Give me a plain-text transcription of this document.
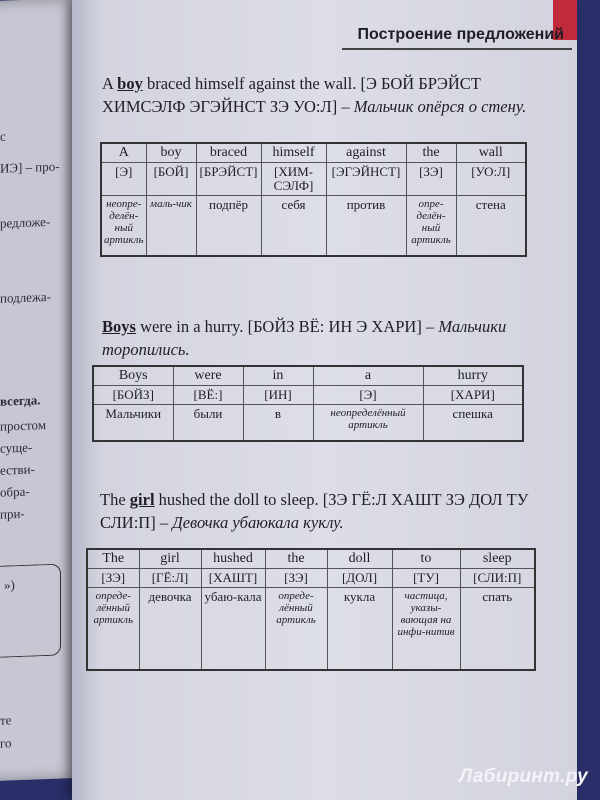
с
ИЭ] – про-
редложе-
подлежа-
всегда.
простом
суще-
естви-
обра-
при-
»)
те
го
Построение предложений

A boy braced himself against the wall. [Э БОЙ БРЭЙСТ ХИМСЭЛФ ЭГЭЙНСТ ЗЭ УО:Л] – Мальчик опёрся о стену.

A	boy	braced	himself	against	the	wall
[Э]	[БОЙ]	[БРЭЙСТ]	[ХИМ-СЭЛФ]	[ЭГЭЙНСТ]	[ЗЭ]	[УО:Л]
неопре-делён-ный артикль	маль-чик	подпёр	себя	против	опре-делён-ный артикль	стена

Boys were in a hurry. [БОЙЗ ВЁ: ИН Э ХАРИ] – Мальчики торопились.

Boys	were	in	a	hurry
[БОЙЗ]	[ВЁ:]	[ИН]	[Э]	[ХАРИ]
Мальчики	были	в	неопределённый артикль	спешка

The girl hushed the doll to sleep. [ЗЭ ГЁ:Л ХАШТ ЗЭ ДОЛ ТУ СЛИ:П] – Девочка убаюкала куклу.

The	girl	hushed	the	doll	to	sleep
[ЗЭ]	[ГЁ:Л]	[ХАШТ]	[ЗЭ]	[ДОЛ]	[ТУ]	[СЛИ:П]
опреде-лённый артикль	девочка	убаю-кала	опреде-лённый артикль	кукла	частица, указы-вающая на инфи-нитив	спать
Лабиринт.ру
